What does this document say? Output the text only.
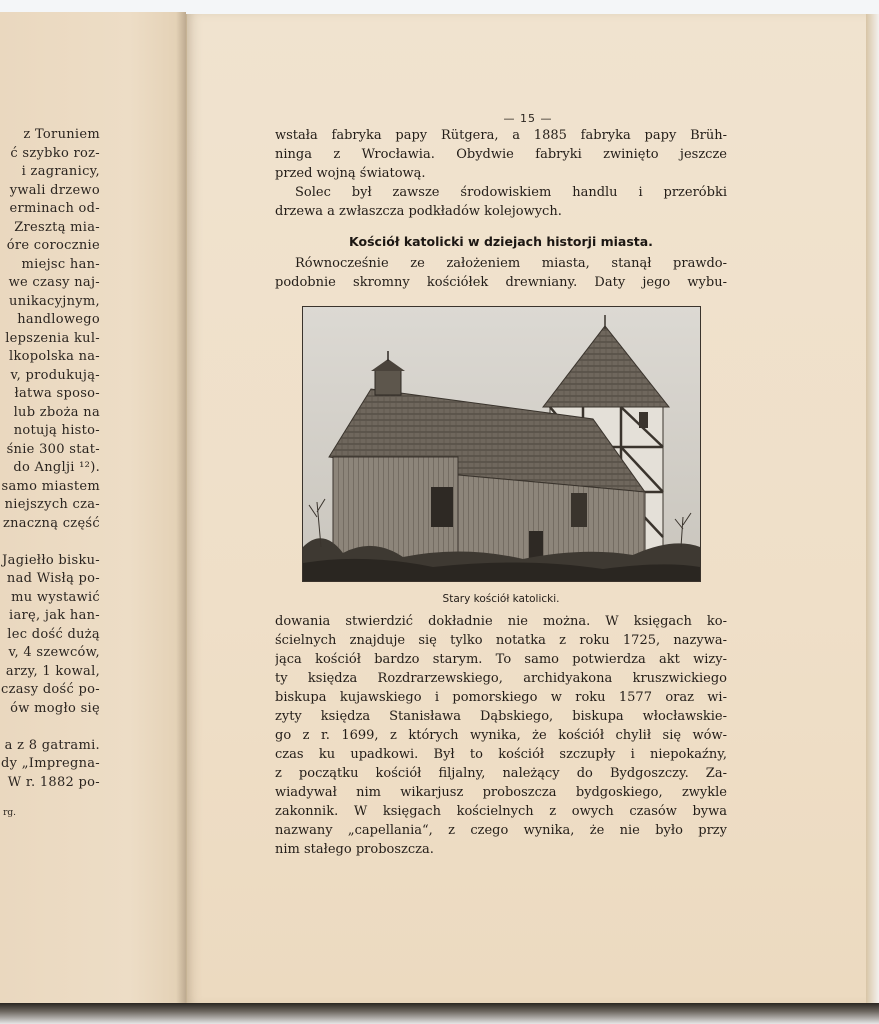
z Toruniem
ć szybko roz-
i zagranicy,
ywali drzewo
erminach od-
Zresztą mia-
óre corocznie
miejsc han-
we czasy naj-
unikacyjnym,
handlowego
lepszenia kul-
lkopolska na-
v, produkują-
łatwa sposo-
lub zboża na
notują histo-
śnie 300 stat-
do Anglji ¹²).
samo miastem
niejszych cza-
znaczną część
Jagiełło bisku-
nad Wisłą po-
mu wystawić
iarę, jak han-
lec dość dużą
v, 4 szewców,
arzy, 1 kowal,
czasy dość po-
ów mogło się
a z 8 gatrami.
dy „Impregna-
W r. 1882 po-
rg.
— 15 —
wstała fabryka papy Rütgera, a 1885 fabryka papy Brüh-
ninga z Wrocławia. Obydwie fabryki zwinięto jeszcze
przed wojną światową.
Solec był zawsze środowiskiem handlu i przeróbki
drzewa a zwłaszcza podkładów kolejowych.
Kościół katolicki w dziejach historji miasta.
Równocześnie ze założeniem miasta, stanął prawdo-
podobnie skromny kościółek drewniany. Daty jego wybu-
Stary kościół katolicki.
dowania stwierdzić dokładnie nie można. W księgach ko-
ścielnych znajduje się tylko notatka z roku 1725, nazywa-
jąca kościół bardzo starym. To samo potwierdza akt wizy-
ty księdza Rozdrarzewskiego, archidyakona kruszwickiego
biskupa kujawskiego i pomorskiego w roku 1577 oraz wi-
zyty księdza Stanisława Dąbskiego, biskupa włocławskie-
go z r. 1699, z których wynika, że kościół chylił się wów-
czas ku upadkowi. Był to kościół szczupły i niepokaźny,
z początku kościół filjalny, należący do Bydgoszczy. Za-
wiadywał nim wikarjusz proboszcza bydgoskiego, zwykle
zakonnik. W księgach kościelnych z owych czasów bywa
nazwany „capellania“, z czego wynika, że nie było przy
nim stałego proboszcza.
